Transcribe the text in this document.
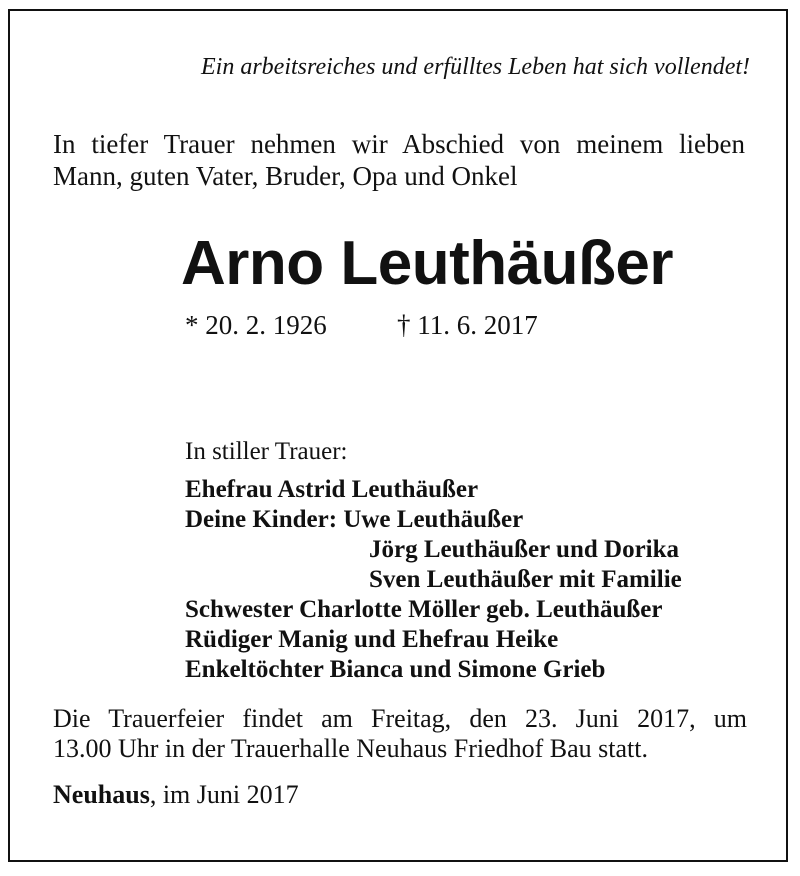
Ein arbeitsreiches und erfülltes Leben hat sich vollendet!
In tiefer Trauer nehmen wir Abschied von meinem lieben
Mann, guten Vater, Bruder, Opa und Onkel
Arno Leuthäußer
* 20. 2. 1926	† 11. 6. 2017
In stiller Trauer:
Ehefrau Astrid Leuthäußer
Deine Kinder: Uwe Leuthäußer
Jörg Leuthäußer und Dorika
Sven Leuthäußer mit Familie
Schwester Charlotte Möller geb. Leuthäußer
Rüdiger Manig und Ehefrau Heike
Enkeltöchter Bianca und Simone Grieb
Die Trauerfeier findet am Freitag, den 23. Juni 2017, um
13.00 Uhr in der Trauerhalle Neuhaus Friedhof Bau statt.
Neuhaus, im Juni 2017
